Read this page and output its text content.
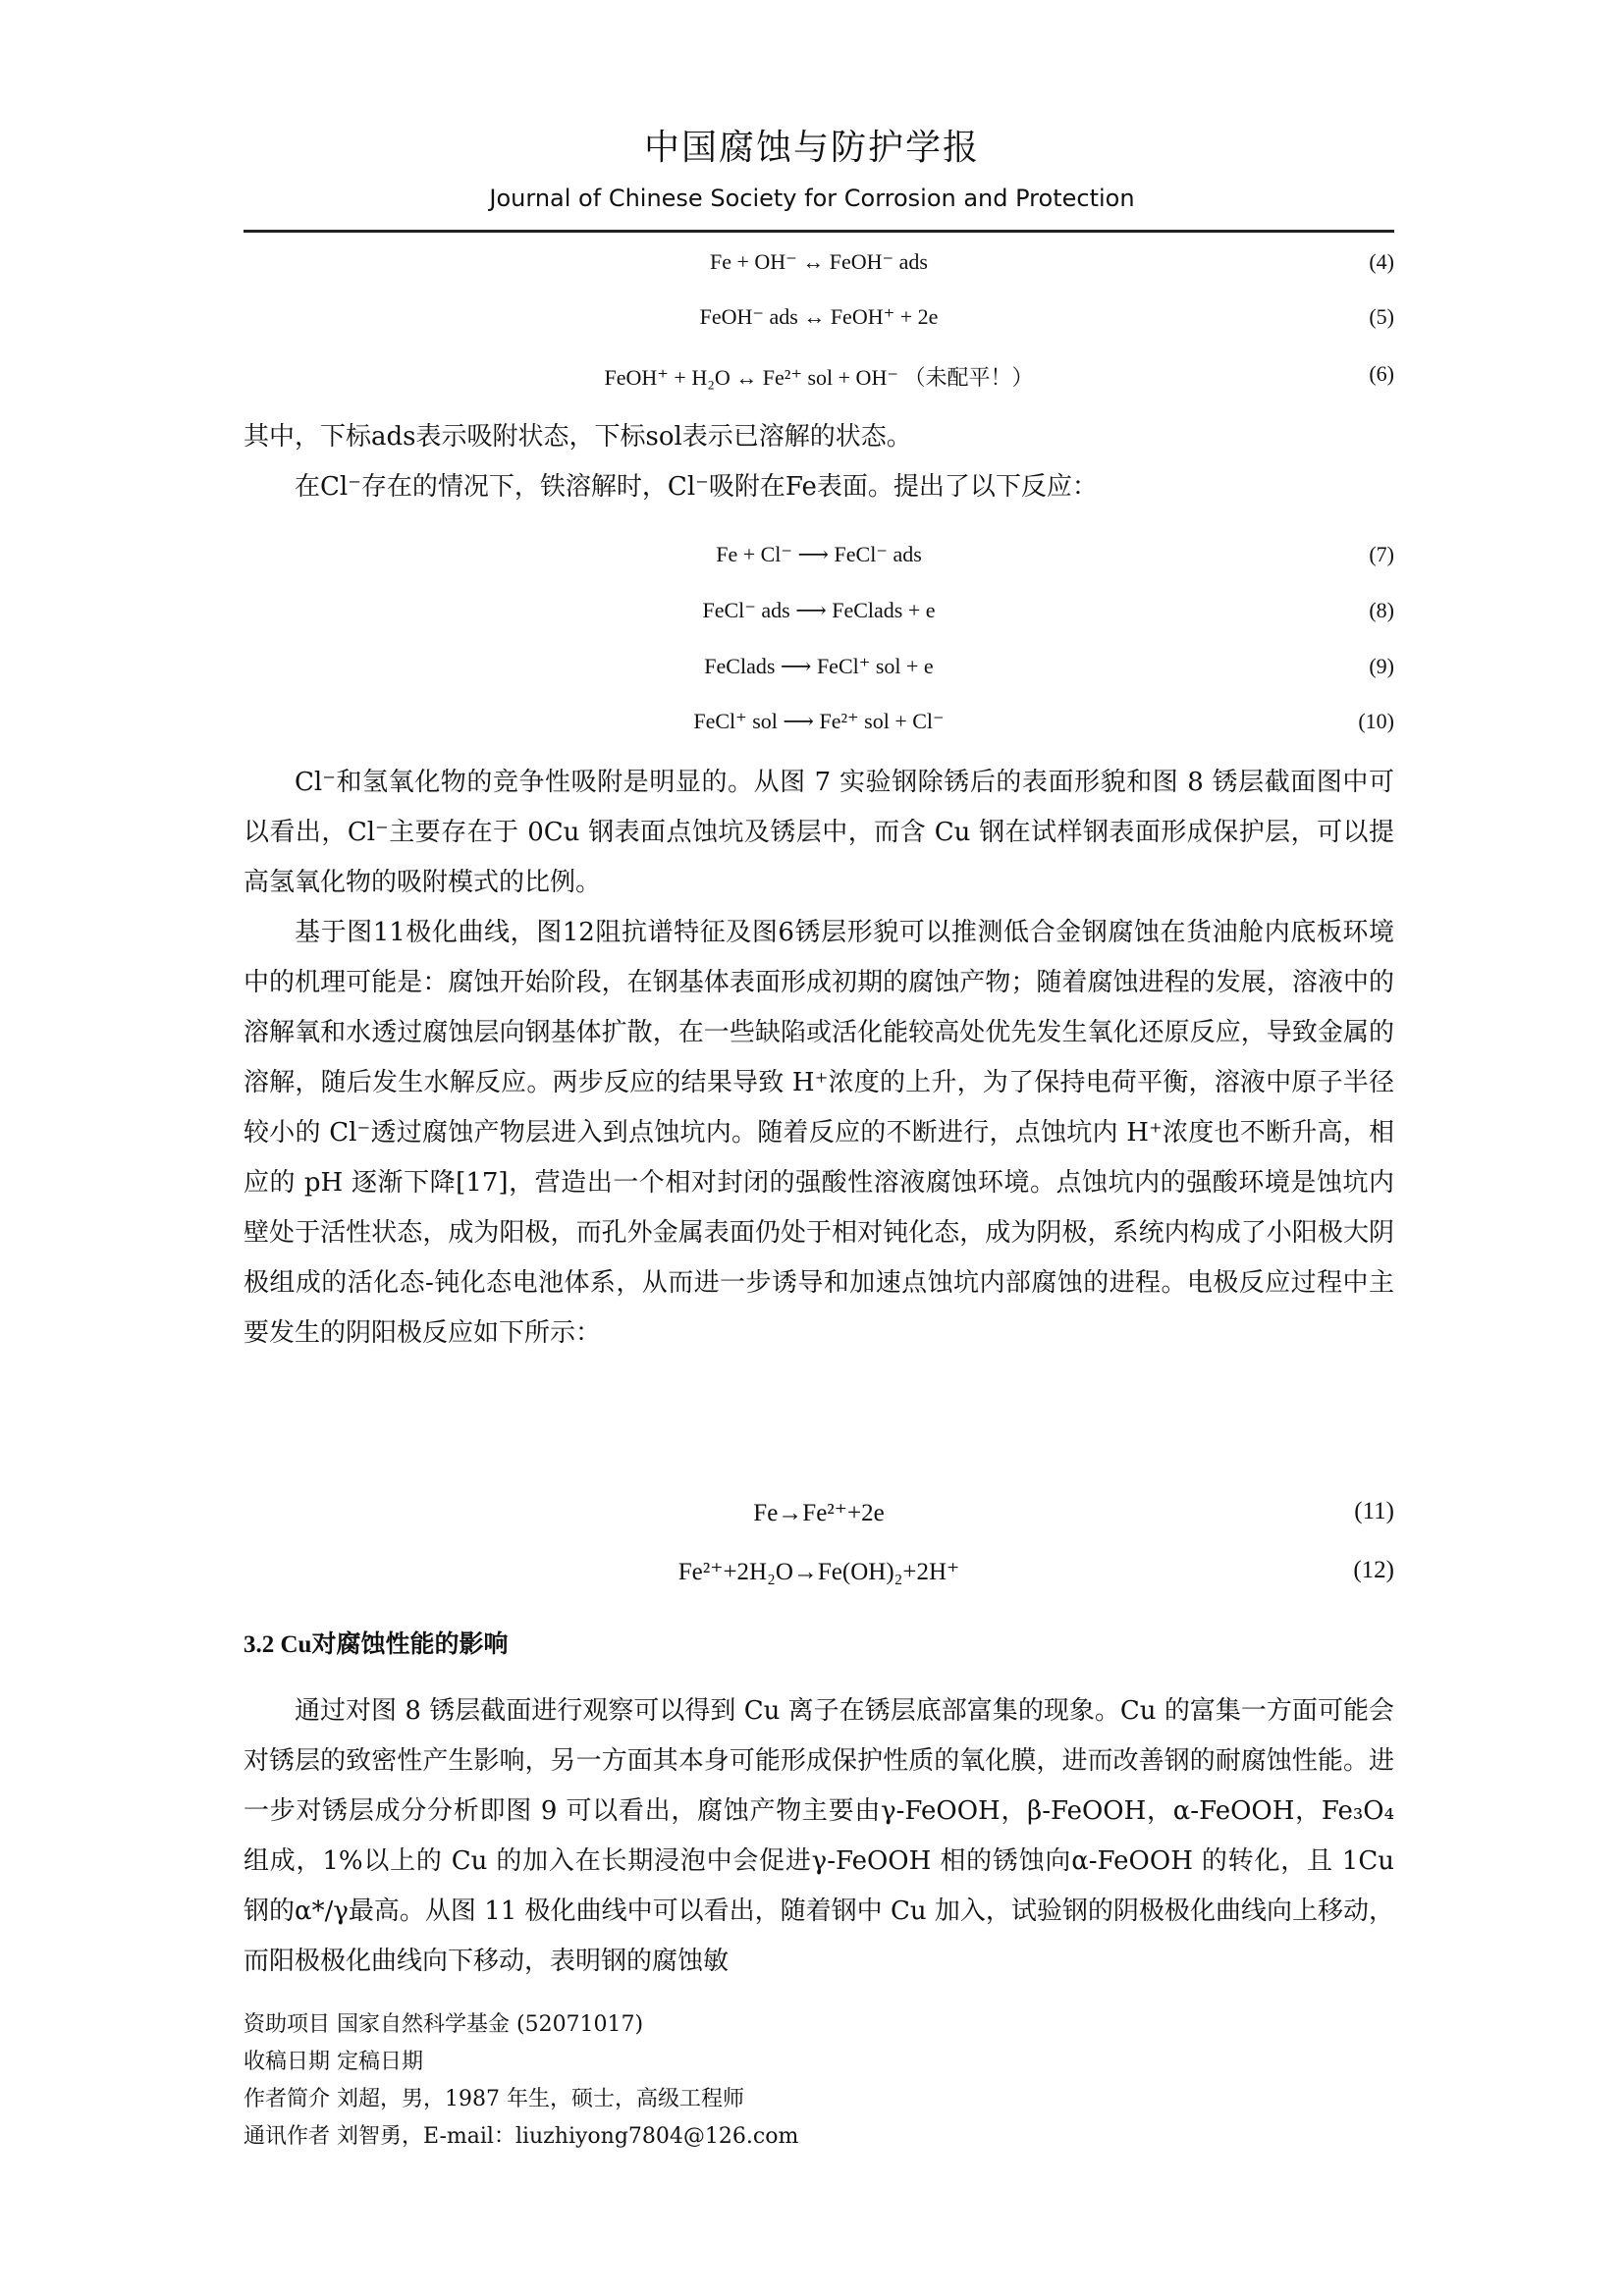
中国腐蚀与防护学报
Journal of Chinese Society for Corrosion and Protection
Fe + OH⁻ ↔ FeOH⁻ ads	(4)
FeOH⁻ ads ↔ FeOH⁺ + 2e	(5)
FeOH⁺ + H₂O ↔ Fe²⁺ sol + OH⁻ （未配平！）	(6)

其中，下标ads表示吸附状态，下标sol表示已溶解的状态。

在Cl⁻存在的情况下，铁溶解时，Cl⁻吸附在Fe表面。提出了以下反应：

Fe + Cl⁻ ⟶ FeCl⁻ ads	(7)
FeCl⁻ ads ⟶ FeClads + e	(8)
FeClads ⟶ FeCl⁺ sol + e	(9)
FeCl⁺ sol ⟶ Fe²⁺ sol + Cl⁻	(10)

Cl⁻和氢氧化物的竞争性吸附是明显的。从图 7 实验钢除锈后的表面形貌和图 8 锈层截面图中可以看出，Cl⁻主要存在于 0Cu 钢表面点蚀坑及锈层中，而含 Cu 钢在试样钢表面形成保护层，可以提高氢氧化物的吸附模式的比例。

基于图11极化曲线，图12阻抗谱特征及图6锈层形貌可以推测低合金钢腐蚀在货油舱内底板环境中的机理可能是：腐蚀开始阶段，在钢基体表面形成初期的腐蚀产物；随着腐蚀进程的发展，溶液中的溶解氧和水透过腐蚀层向钢基体扩散，在一些缺陷或活化能较高处优先发生氧化还原反应，导致金属的溶解，随后发生水解反应。两步反应的结果导致 H⁺浓度的上升，为了保持电荷平衡，溶液中原子半径较小的 Cl⁻透过腐蚀产物层进入到点蚀坑内。随着反应的不断进行，点蚀坑内 H⁺浓度也不断升高，相应的 pH 逐渐下降[17]，营造出一个相对封闭的强酸性溶液腐蚀环境。点蚀坑内的强酸环境是蚀坑内壁处于活性状态，成为阳极，而孔外金属表面仍处于相对钝化态，成为阴极，系统内构成了小阳极大阴极组成的活化态-钝化态电池体系，从而进一步诱导和加速点蚀坑内部腐蚀的进程。电极反应过程中主要发生的阴阳极反应如下所示：

Fe→Fe²⁺+2e	(11)
Fe²⁺+2H₂O→Fe(OH)₂+2H⁺	(12)
3.2 Cu对腐蚀性能的影响

通过对图 8 锈层截面进行观察可以得到 Cu 离子在锈层底部富集的现象。Cu 的富集一方面可能会对锈层的致密性产生影响，另一方面其本身可能形成保护性质的氧化膜，进而改善钢的耐腐蚀性能。进一步对锈层成分分析即图 9 可以看出，腐蚀产物主要由γ-FeOOH，β-FeOOH，α-FeOOH，Fe₃O₄组成，1%以上的 Cu 的加入在长期浸泡中会促进γ-FeOOH 相的锈蚀向α-FeOOH 的转化，且 1Cu 钢的α*/γ最高。从图 11 极化曲线中可以看出，随着钢中 Cu 加入，试验钢的阴极极化曲线向上移动，而阳极极化曲线向下移动，表明钢的腐蚀敏

资助项目 国家自然科学基金 (52071017)
收稿日期 定稿日期
作者简介 刘超，男，1987 年生，硕士，高级工程师
通讯作者 刘智勇，E-mail：liuzhiyong7804@126.com
